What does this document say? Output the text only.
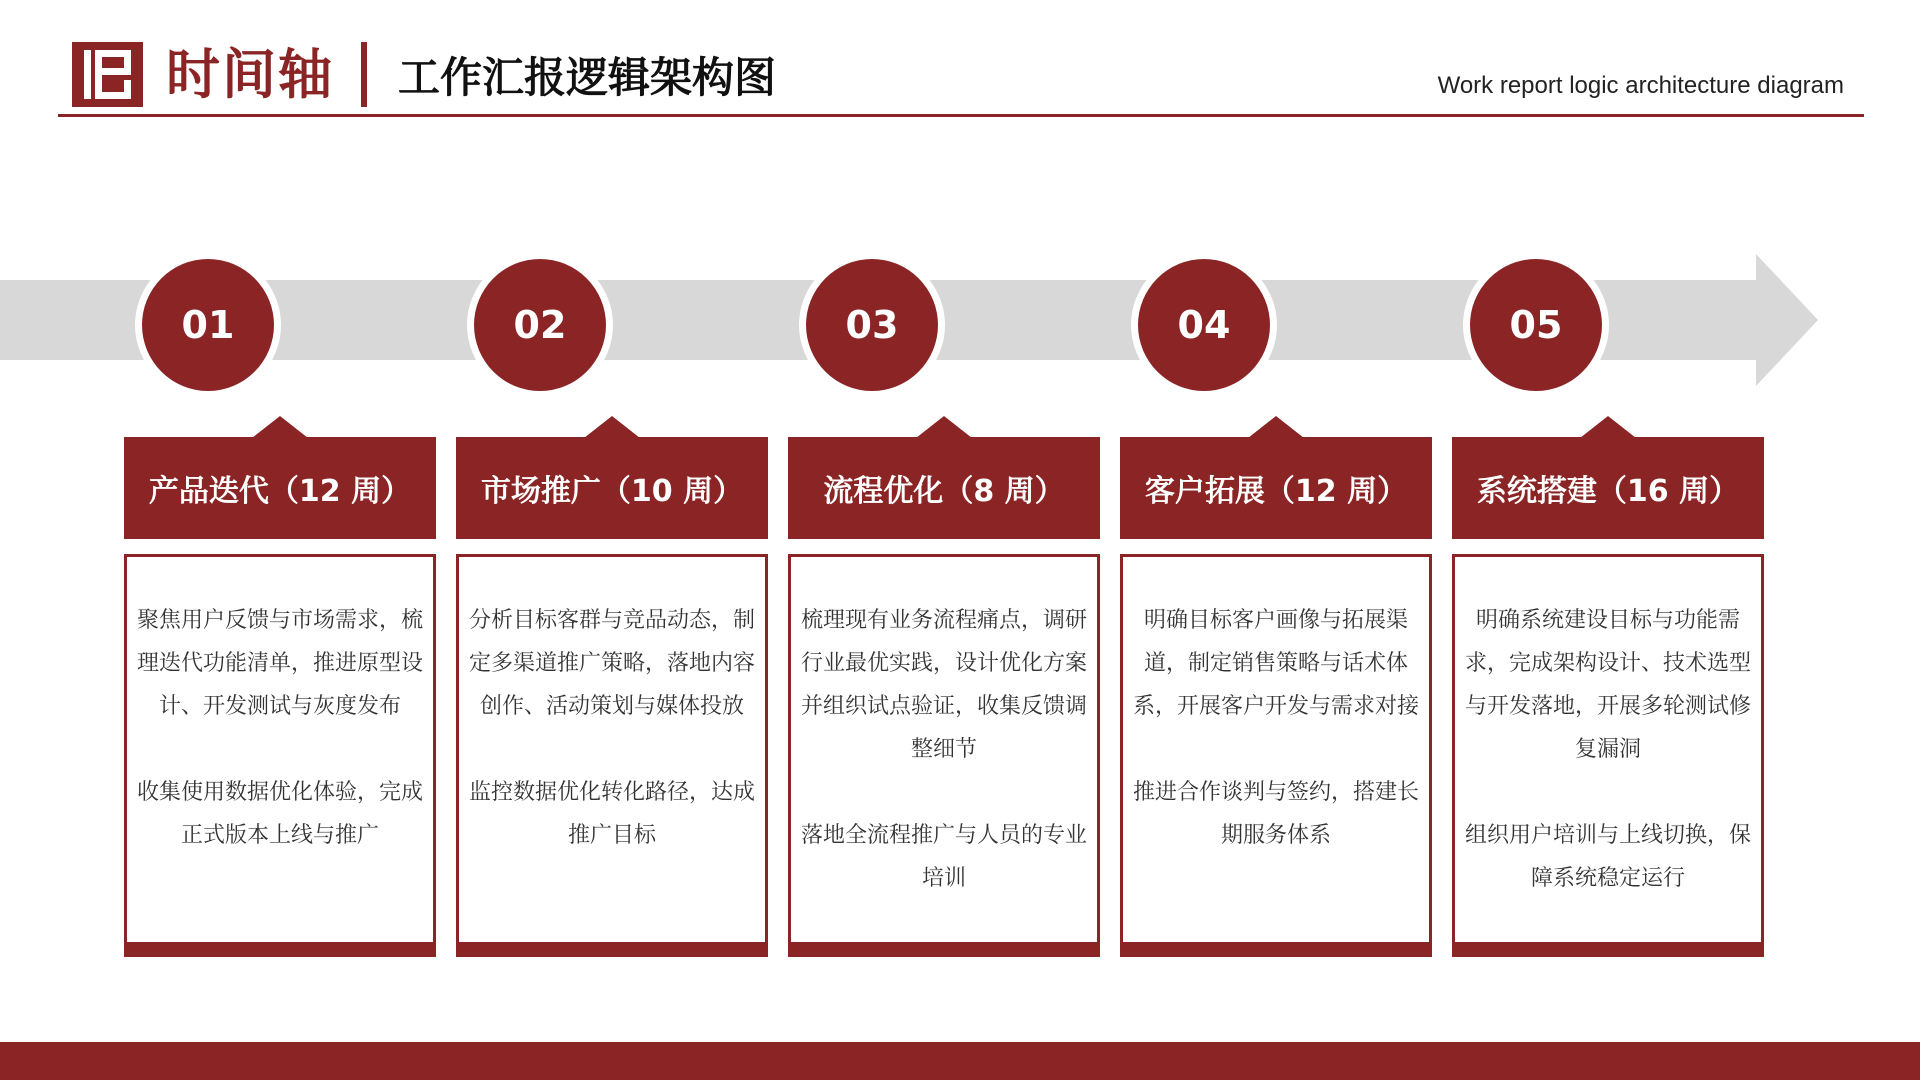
时间轴 工作汇报逻辑架构图	Work report logic architecture diagram
01
产品迭代（12 周）

聚焦用户反馈与市场需求，梳理迭代功能清单，推进原型设计、开发测试与灰度发布

收集使用数据优化体验，完成正式版本上线与推广

02
市场推广（10 周）

分析目标客群与竞品动态，制定多渠道推广策略，落地内容创作、活动策划与媒体投放

监控数据优化转化路径，达成推广目标

03
流程优化（8 周）

梳理现有业务流程痛点，调研行业最优实践，设计优化方案并组织试点验证，收集反馈调整细节

落地全流程推广与人员的专业培训

04
客户拓展（12 周）

明确目标客户画像与拓展渠道，制定销售策略与话术体系，开展客户开发与需求对接

推进合作谈判与签约，搭建长期服务体系

05
系统搭建（16 周）

明确系统建设目标与功能需求，完成架构设计、技术选型与开发落地，开展多轮测试修复漏洞

组织用户培训与上线切换，保障系统稳定运行
